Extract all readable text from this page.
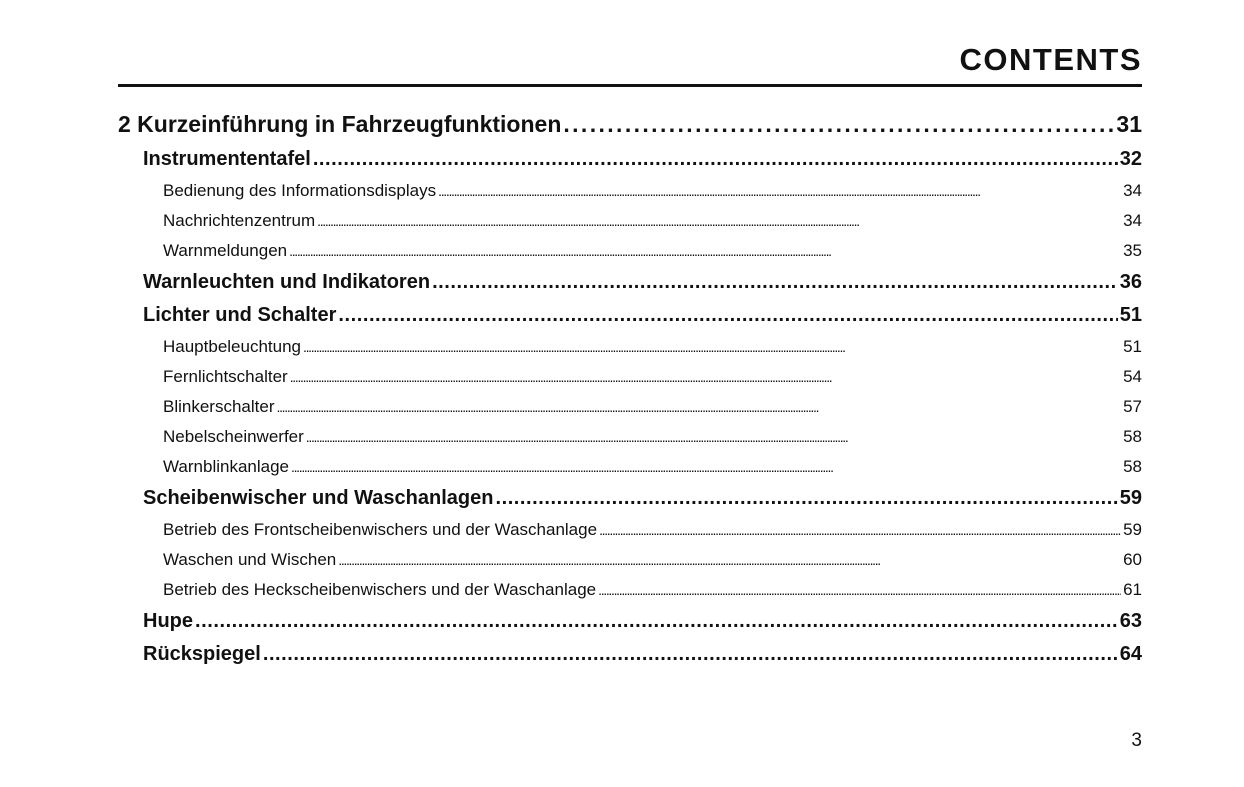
CONTENTS
2 Kurzeinführung in Fahrzeugfunktionen . . .	31
Instrumententafel . . .	32
Bedienung des Informationsdisplays . . .	34
Nachrichtenzentrum . . .	34
Warnmeldungen . . .	35
Warnleuchten und Indikatoren . . .	36
Lichter und Schalter . . .	51
Hauptbeleuchtung . . .	51
Fernlichtschalter . . .	54
Blinkerschalter . . .	57
Nebelscheinwerfer . . .	58
Warnblinkanlage . . .	58
Scheibenwischer und Waschanlagen . . .	59
Betrieb des Frontscheibenwischers und der Waschanlage . . .	59
Waschen und Wischen . . .	60
Betrieb des Heckscheibenwischers und der Waschanlage . . .	61
Hupe . . .	63
Rückspiegel . . .	64
3
